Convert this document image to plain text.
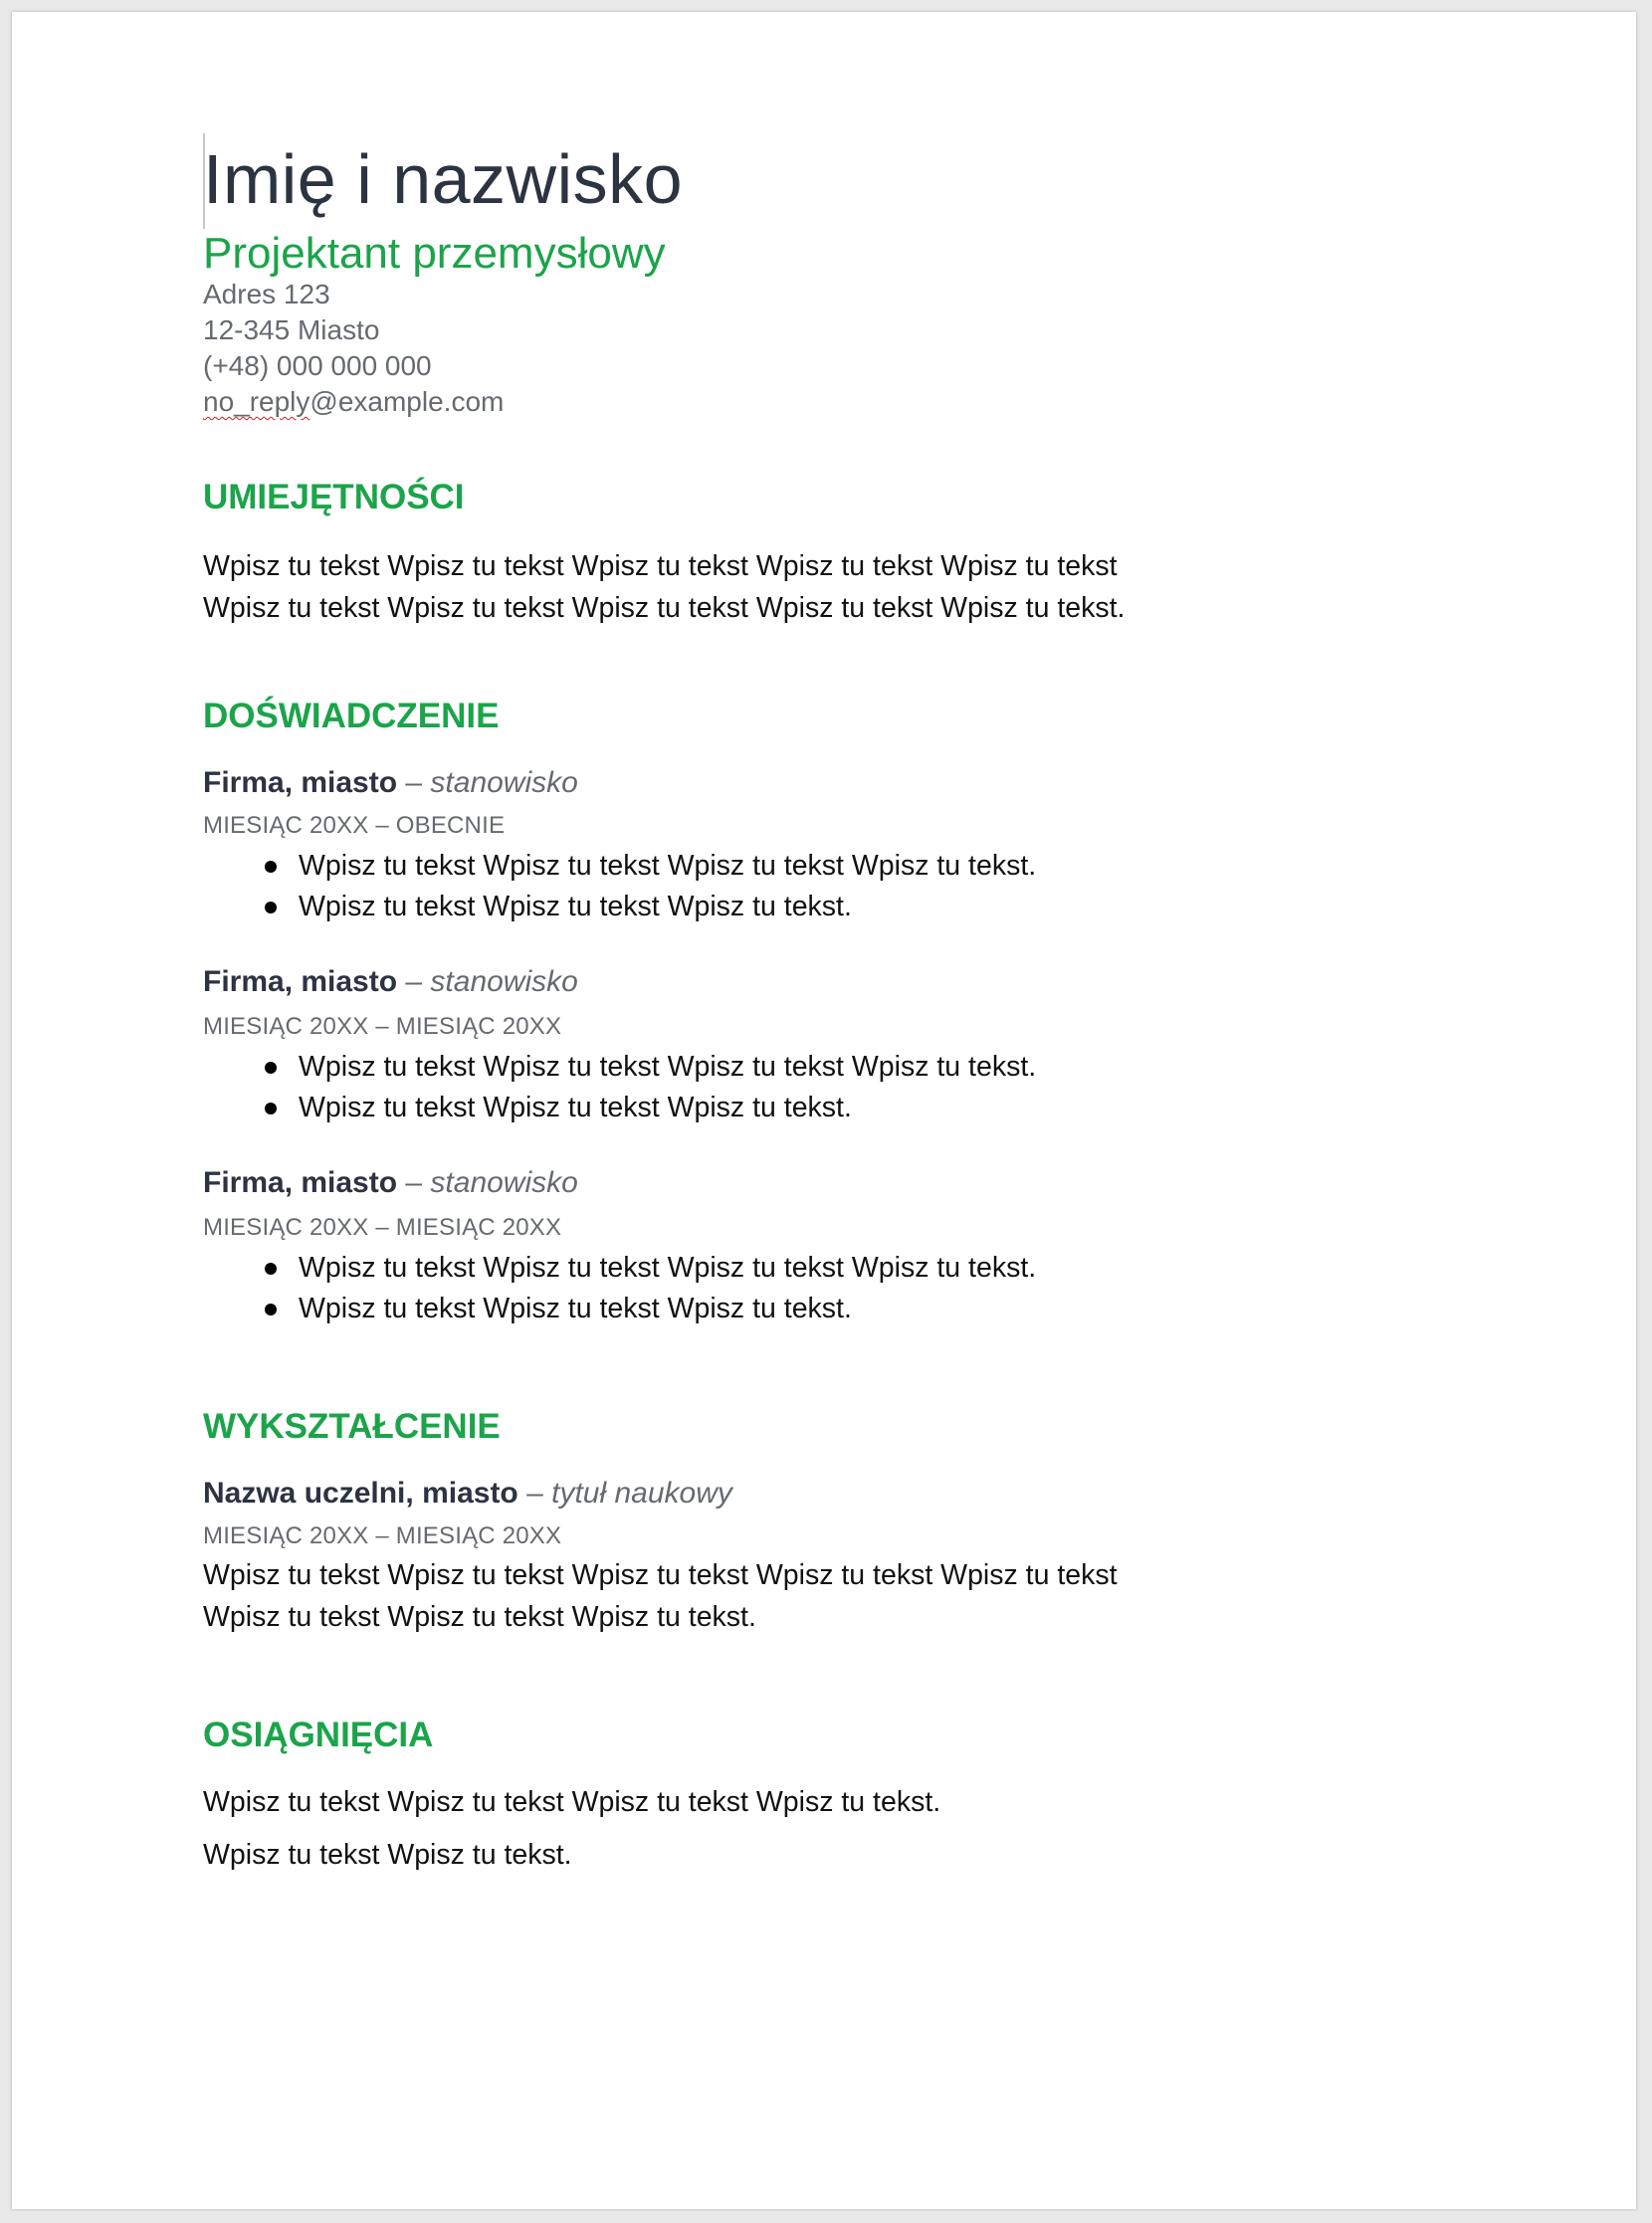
Imię i nazwisko
Projektant przemysłowy
Adres 123
12-345 Miasto
(+48) 000 000 000
no_reply@example.com
UMIEJĘTNOŚCI
Wpisz tu tekst Wpisz tu tekst Wpisz tu tekst Wpisz tu tekst Wpisz tu tekst
Wpisz tu tekst Wpisz tu tekst Wpisz tu tekst Wpisz tu tekst Wpisz tu tekst.
DOŚWIADCZENIE
Firma, miasto – stanowisko
MIESIĄC 20XX – OBECNIE
Wpisz tu tekst Wpisz tu tekst Wpisz tu tekst Wpisz tu tekst.
Wpisz tu tekst Wpisz tu tekst Wpisz tu tekst.
Firma, miasto – stanowisko
MIESIĄC 20XX – MIESIĄC 20XX
Wpisz tu tekst Wpisz tu tekst Wpisz tu tekst Wpisz tu tekst.
Wpisz tu tekst Wpisz tu tekst Wpisz tu tekst.
Firma, miasto – stanowisko
MIESIĄC 20XX – MIESIĄC 20XX
Wpisz tu tekst Wpisz tu tekst Wpisz tu tekst Wpisz tu tekst.
Wpisz tu tekst Wpisz tu tekst Wpisz tu tekst.
WYKSZTAŁCENIE
Nazwa uczelni, miasto – tytuł naukowy
MIESIĄC 20XX – MIESIĄC 20XX
Wpisz tu tekst Wpisz tu tekst Wpisz tu tekst Wpisz tu tekst Wpisz tu tekst
Wpisz tu tekst Wpisz tu tekst Wpisz tu tekst.
OSIĄGNIĘCIA
Wpisz tu tekst Wpisz tu tekst Wpisz tu tekst Wpisz tu tekst.
Wpisz tu tekst Wpisz tu tekst.
